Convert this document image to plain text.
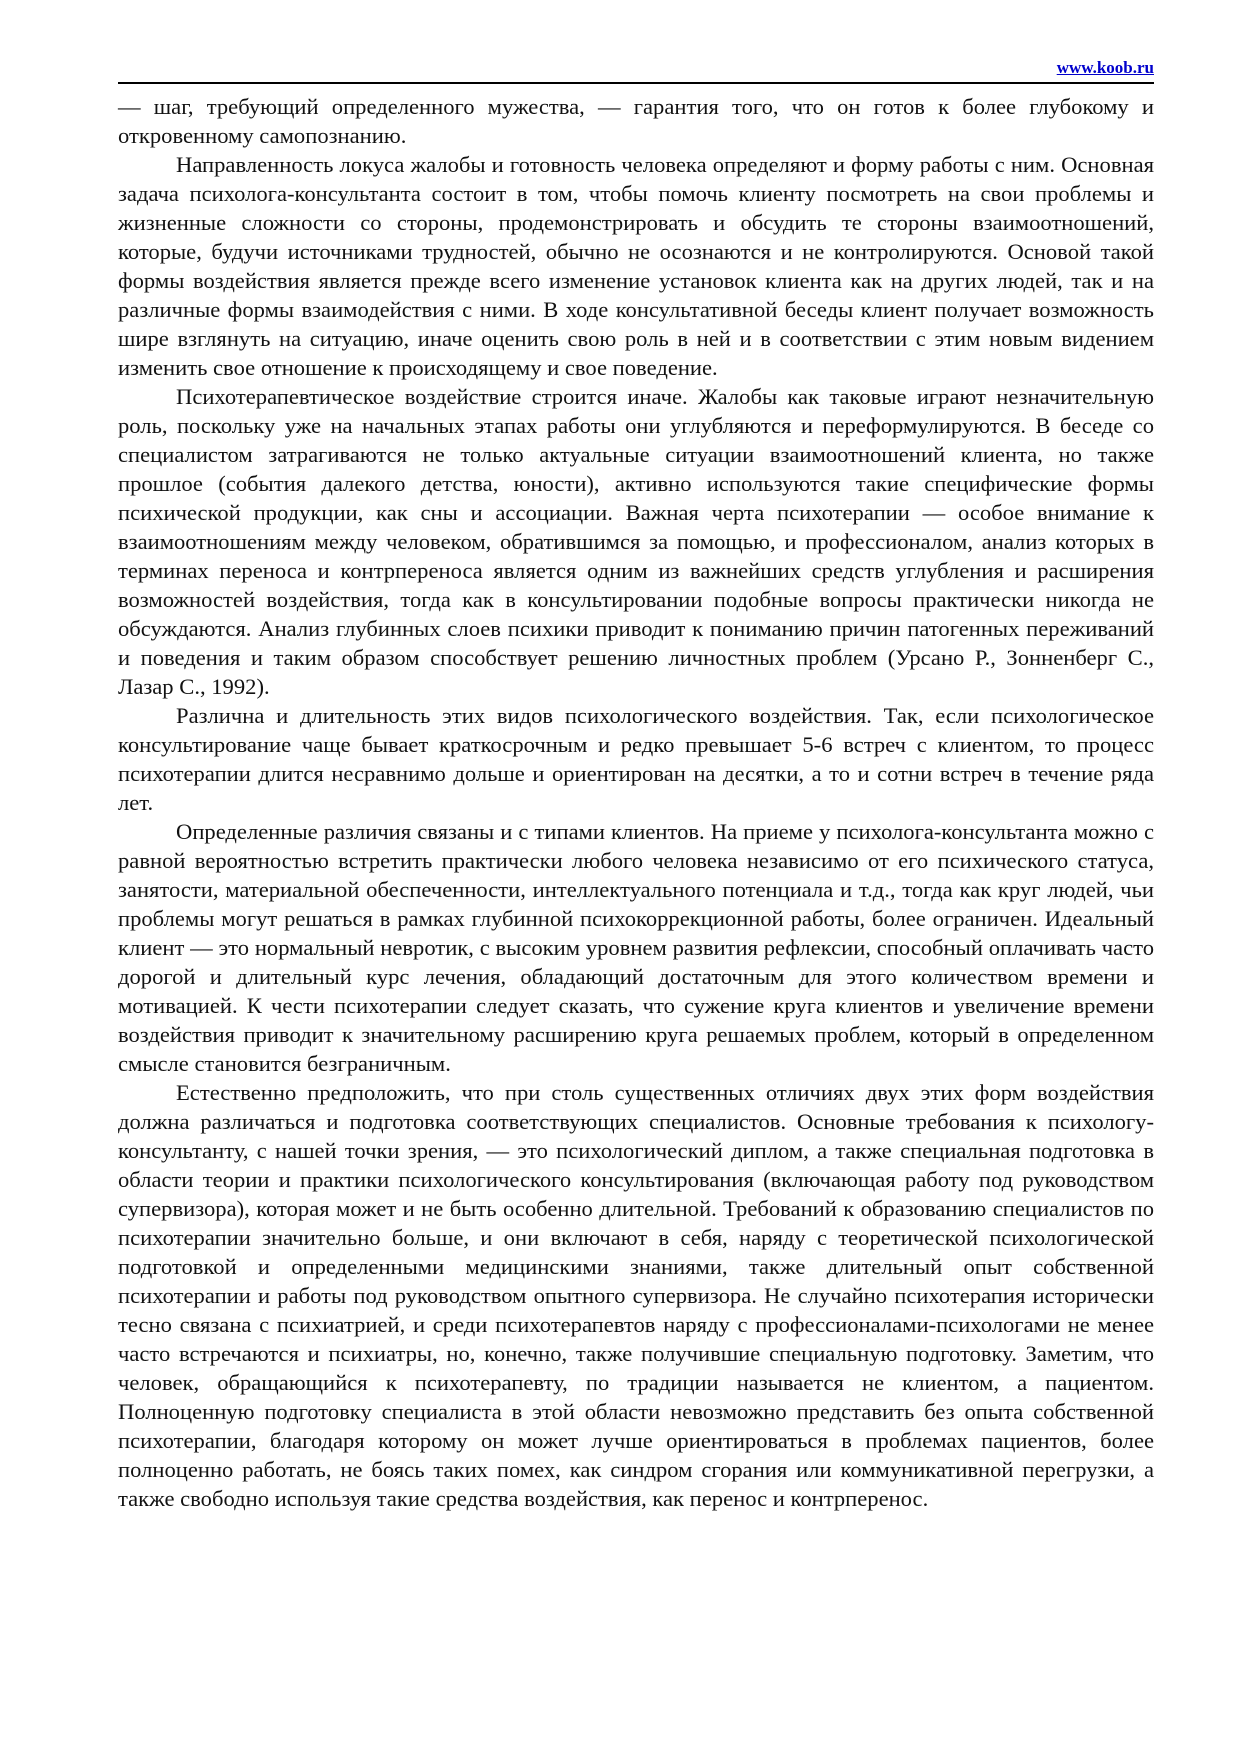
www.koob.ru

— шаг, требующий определенного мужества, — гарантия того, что он готов к более глубокому и откровенному самопознанию.

Направленность локуса жалобы и готовность человека определяют и форму работы с ним. Основная задача психолога-консультанта состоит в том, чтобы помочь клиенту посмотреть на свои проблемы и жизненные сложности со стороны, продемонстрировать и обсудить те стороны взаимоотношений, которые, будучи источниками трудностей, обычно не осознаются и не контролируются. Основой такой формы воздействия является прежде всего изменение установок клиента как на других людей, так и на различные формы взаимодействия с ними. В ходе консультативной беседы клиент получает возможность шире взглянуть на ситуацию, иначе оценить свою роль в ней и в соответствии с этим новым видением изменить свое отношение к происходящему и свое поведение.

Психотерапевтическое воздействие строится иначе. Жалобы как таковые играют незначительную роль, поскольку уже на начальных этапах работы они углубляются и переформулируются. В беседе со специалистом затрагиваются не только актуальные ситуации взаимоотношений клиента, но также прошлое (события далекого детства, юности), активно используются такие специфические формы психической продукции, как сны и ассоциации. Важная черта психотерапии — особое внимание к взаимоотношениям между человеком, обратившимся за помощью, и профессионалом, анализ которых в терминах переноса и контрпереноса является одним из важнейших средств углубления и расширения возможностей воздействия, тогда как в консультировании подобные вопросы практически никогда не обсуждаются. Анализ глубинных слоев психики приводит к пониманию причин патогенных переживаний и поведения и таким образом способствует решению личностных проблем (Урсано Р., Зонненберг С., Лазар С., 1992).

Различна и длительность этих видов психологического воздействия. Так, если психологическое консультирование чаще бывает краткосрочным и редко превышает 5-6 встреч с клиентом, то процесс психотерапии длится несравнимо дольше и ориентирован на десятки, а то и сотни встреч в течение ряда лет.

Определенные различия связаны и с типами клиентов. На приеме у психолога-консультанта можно с равной вероятностью встретить практически любого человека независимо от его психического статуса, занятости, материальной обеспеченности, интеллектуального потенциала и т.д., тогда как круг людей, чьи проблемы могут решаться в рамках глубинной психокоррекционной работы, более ограничен. Идеальный клиент — это нормальный невротик, с высоким уровнем развития рефлексии, способный оплачивать часто дорогой и длительный курс лечения, обладающий достаточным для этого количеством времени и мотивацией. К чести психотерапии следует сказать, что сужение круга клиентов и увеличение времени воздействия приводит к значительному расширению круга решаемых проблем, который в определенном смысле становится безграничным.

Естественно предположить, что при столь существенных отличиях двух этих форм воздействия должна различаться и подготовка соответствующих специалистов. Основные требования к психологу-консультанту, с нашей точки зрения, — это психологический диплом, а также специальная подготовка в области теории и практики психологического консультирования (включающая работу под руководством супервизора), которая может и не быть особенно длительной. Требований к образованию специалистов по психотерапии значительно больше, и они включают в себя, наряду с теоретической психологической подготовкой и определенными медицинскими знаниями, также длительный опыт собственной психотерапии и работы под руководством опытного супервизора. Не случайно психотерапия исторически тесно связана с психиатрией, и среди психотерапевтов наряду с профессионалами-психологами не менее часто встречаются и психиатры, но, конечно, также получившие специальную подготовку. Заметим, что человек, обращающийся к психотерапевту, по традиции называется не клиентом, а пациентом. Полноценную подготовку специалиста в этой области невозможно представить без опыта собственной психотерапии, благодаря которому он может лучше ориентироваться в проблемах пациентов, более полноценно работать, не боясь таких помех, как синдром сгорания или коммуникативной перегрузки, а также свободно используя такие средства воздействия, как перенос и контрперенос.
